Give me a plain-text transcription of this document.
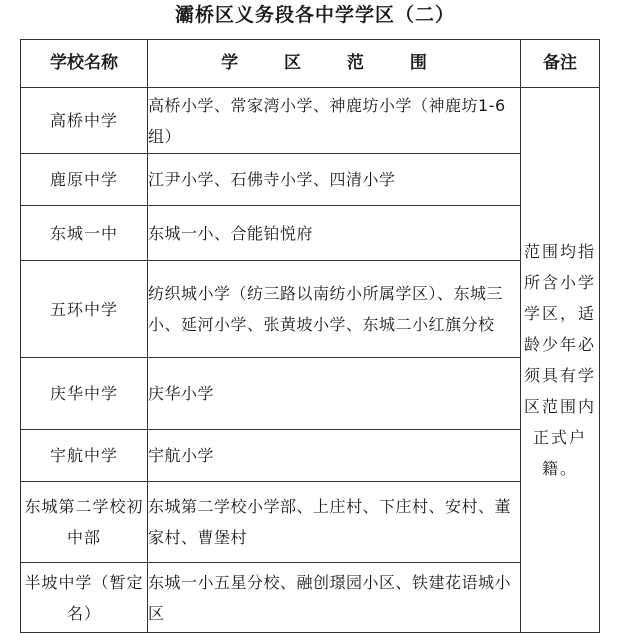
灞桥区义务段各中学学区（二）
学校名称	学 区 范 围	备注
高桥中学	高桥小学、常家湾小学、神鹿坊小学（神鹿坊1-6组）	范围均指所含小学学区，适龄少年必须具有学区范围内正式户籍。
鹿原中学	江尹小学、石佛寺小学、四清小学	
东城一中	东城一小、合能铂悦府	
五环中学	纺织城小学（纺三路以南纺小所属学区）、东城三小、延河小学、张黄坡小学、东城二小红旗分校	
庆华中学	庆华小学	
宇航中学	宇航小学	
东城第二学校初中部	东城第二学校小学部、上庄村、下庄村、安村、董家村、曹堡村	
半坡中学（暂定名）	东城一小五星分校、融创璟园小区、铁建花语城小区	
